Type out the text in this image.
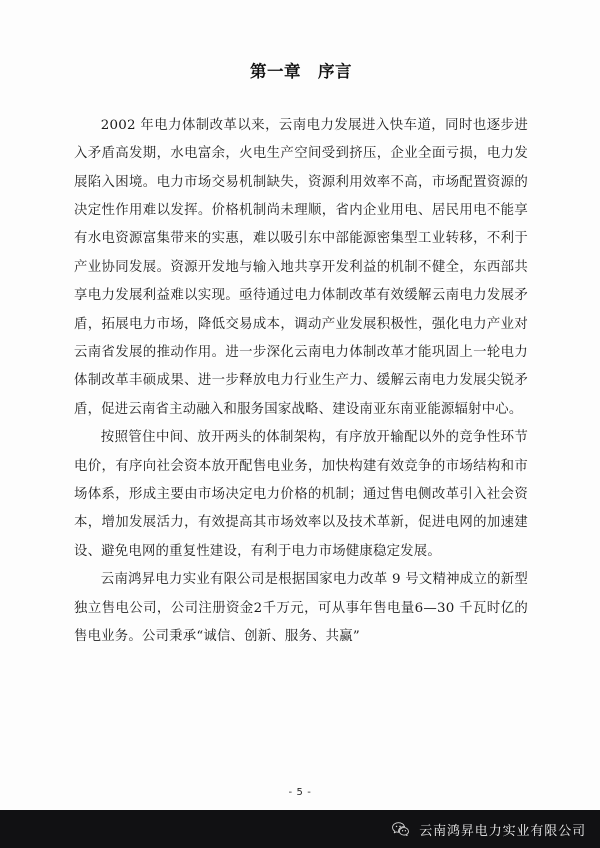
第一章　序言

2002 年电力体制改革以来，云南电力发展进入快车道，同时也逐步进入矛盾高发期，水电富余，火电生产空间受到挤压，企业全面亏损，电力发展陷入困境。电力市场交易机制缺失，资源利用效率不高，市场配置资源的决定性作用难以发挥。价格机制尚未理顺，省内企业用电、居民用电不能享有水电资源富集带来的实惠，难以吸引东中部能源密集型工业转移，不利于产业协同发展。资源开发地与输入地共享开发利益的机制不健全，东西部共享电力发展利益难以实现。亟待通过电力体制改革有效缓解云南电力发展矛盾，拓展电力市场，降低交易成本，调动产业发展积极性，强化电力产业对云南省发展的推动作用。进一步深化云南电力体制改革才能巩固上一轮电力体制改革丰硕成果、进一步释放电力行业生产力、缓解云南电力发展尖锐矛盾，促进云南省主动融入和服务国家战略、建设南亚东南亚能源辐射中心。

按照管住中间、放开两头的体制架构，有序放开输配以外的竞争性环节电价，有序向社会资本放开配售电业务，加快构建有效竞争的市场结构和市场体系，形成主要由市场决定电力价格的机制；通过售电侧改革引入社会资本，增加发展活力，有效提高其市场效率以及技术革新，促进电网的加速建设、避免电网的重复性建设，有利于电力市场健康稳定发展。

云南鸿昇电力实业有限公司是根据国家电力改革 9 号文精神成立的新型独立售电公司，公司注册资金2千万元，可从事年售电量6—30 千瓦时亿的售电业务。公司秉承“诚信、创新、服务、共赢”

- 5 -
云南鸿昇电力实业有限公司
